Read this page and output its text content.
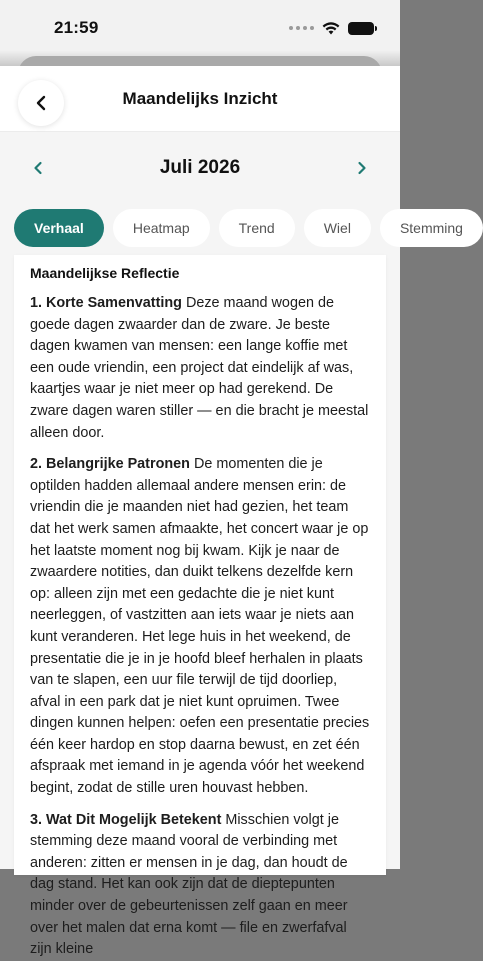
21:59
Maandelijks Inzicht
Juli 2026
Verhaal	Heatmap	Trend	Wiel	Stemming
Maandelijkse Reflectie

1. Korte Samenvatting Deze maand wogen de goede dagen zwaarder dan de zware. Je beste dagen kwamen van mensen: een lange koffie met een oude vriendin, een project dat eindelijk af was, kaartjes waar je niet meer op had gerekend. De zware dagen waren stiller — en die bracht je meestal alleen door.

2. Belangrijke Patronen De momenten die je optilden hadden allemaal andere mensen erin: de vriendin die je maanden niet had gezien, het team dat het werk samen afmaakte, het concert waar je op het laatste moment nog bij kwam. Kijk je naar de zwaardere notities, dan duikt telkens dezelfde kern op: alleen zijn met een gedachte die je niet kunt neerleggen, of vastzitten aan iets waar je niets aan kunt veranderen. Het lege huis in het weekend, de presentatie die je in je hoofd bleef herhalen in plaats van te slapen, een uur file terwijl de tijd doorliep, afval in een park dat je niet kunt opruimen. Twee dingen kunnen helpen: oefen een presentatie precies één keer hardop en stop daarna bewust, en zet één afspraak met iemand in je agenda vóór het weekend begint, zodat de stille uren houvast hebben.

3. Wat Dit Mogelijk Betekent Misschien volgt je stemming deze maand vooral de verbinding met anderen: zitten er mensen in je dag, dan houdt de dag stand. Het kan ook zijn dat de dieptepunten minder over de gebeurtenissen zelf gaan en meer over het malen dat erna komt — file en zwerfafval zijn kleine
